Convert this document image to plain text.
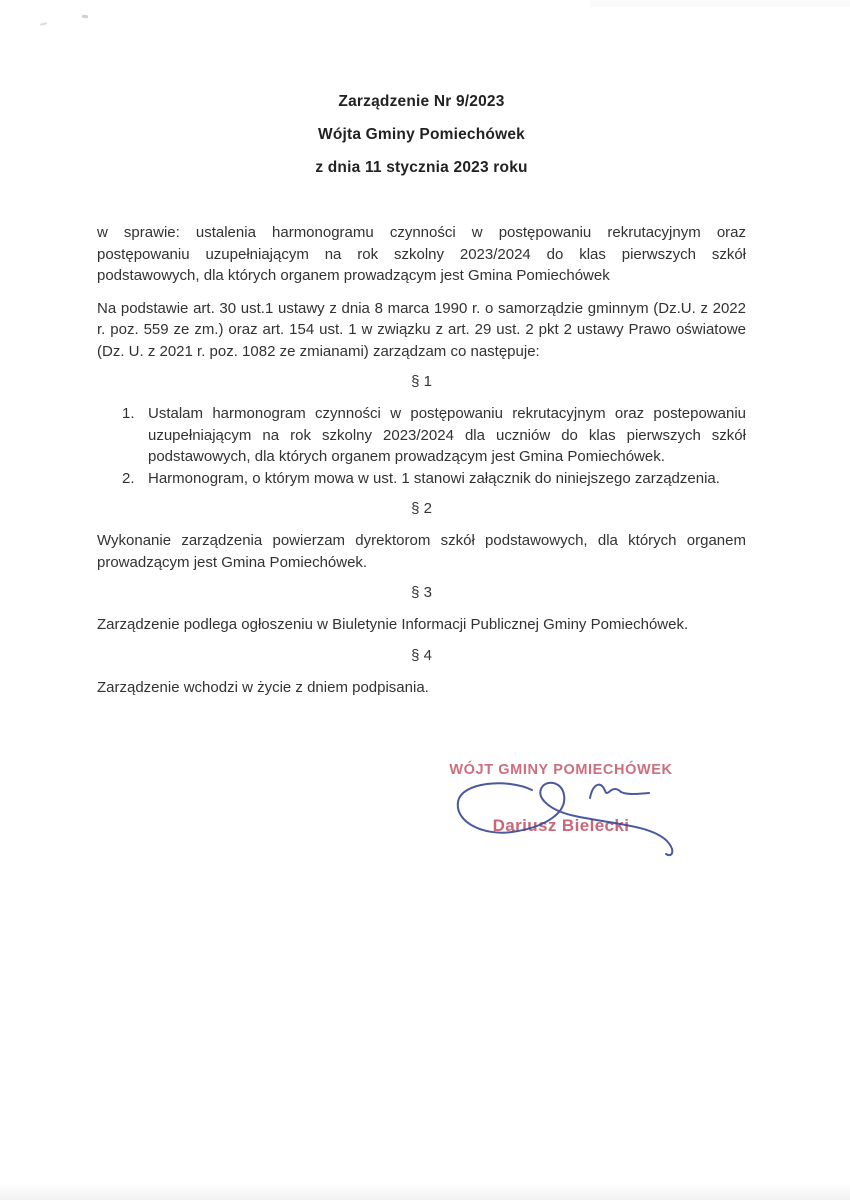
Zarządzenie Nr 9/2023

Wójta Gminy Pomiechówek

z dnia 11 stycznia 2023 roku

w sprawie: ustalenia harmonogramu czynności w postępowaniu rekrutacyjnym oraz postępowaniu uzupełniającym na rok szkolny 2023/2024 do klas pierwszych szkół podstawowych, dla których organem prowadzącym jest Gmina Pomiechówek

Na podstawie art. 30 ust.1 ustawy z dnia 8 marca 1990 r. o samorządzie gminnym (Dz.U. z 2022 r. poz. 559 ze zm.) oraz art. 154 ust. 1 w związku z art. 29 ust. 2 pkt 2 ustawy Prawo oświatowe (Dz. U. z 2021 r. poz. 1082 ze zmianami) zarządzam co następuje:

§ 1

1. Ustalam harmonogram czynności w postępowaniu rekrutacyjnym oraz postepowaniu uzupełniającym na rok szkolny 2023/2024 dla uczniów do klas pierwszych szkół podstawowych, dla których organem prowadzącym jest Gmina Pomiechówek.
2. Harmonogram, o którym mowa w ust. 1 stanowi załącznik do niniejszego zarządzenia.

§ 2

Wykonanie zarządzenia powierzam dyrektorom szkół podstawowych, dla których organem prowadzącym jest Gmina Pomiechówek.

§ 3

Zarządzenie podlega ogłoszeniu w Biuletynie Informacji Publicznej Gminy Pomiechówek.

§ 4

Zarządzenie wchodzi w życie z dniem podpisania.

WÓJT GMINY POMIECHÓWEK
Dariusz Bielecki
